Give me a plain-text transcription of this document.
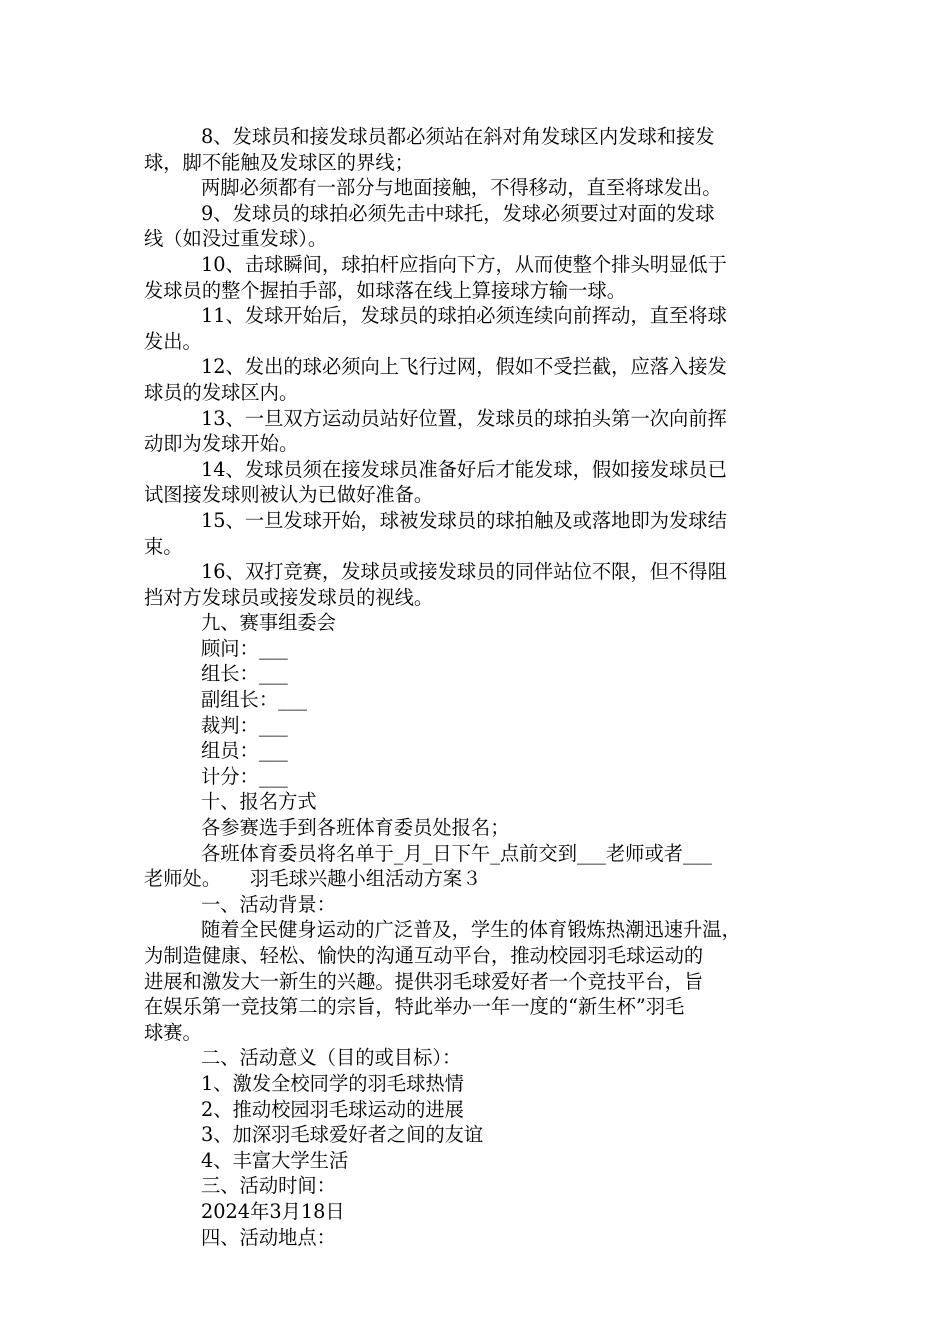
8、发球员和接发球员都必须站在斜对角发球区内发球和接发
球，脚不能触及发球区的界线；

两脚必须都有一部分与地面接触，不得移动，直至将球发出。

9、发球员的球拍必须先击中球托，发球必须要过对面的发球
线（如没过重发球）。

10、击球瞬间，球拍杆应指向下方，从而使整个排头明显低于
发球员的整个握拍手部，如球落在线上算接球方输一球。

11、发球开始后，发球员的球拍必须连续向前挥动，直至将球
发出。

12、发出的球必须向上飞行过网，假如不受拦截，应落入接发
球员的发球区内。

13、一旦双方运动员站好位置，发球员的球拍头第一次向前挥
动即为发球开始。

14、发球员须在接发球员准备好后才能发球，假如接发球员已
试图接发球则被认为已做好准备。

15、一旦发球开始，球被发球员的球拍触及或落地即为发球结
束。

16、双打竞赛，发球员或接发球员的同伴站位不限，但不得阻
挡对方发球员或接发球员的视线。

九、赛事组委会

顾问：___

组长：___

副组长：___

裁判：___

组员：___

计分：___

十、报名方式

各参赛选手到各班体育委员处报名；

各班体育委员将名单于_月_日下午_点前交到___老师或者___
老师处。　　羽毛球兴趣小组活动方案３

一、活动背景：

随着全民健身运动的广泛普及，学生的体育锻炼热潮迅速升温，
为制造健康、轻松、愉快的沟通互动平台，推动校园羽毛球运动的
进展和激发大一新生的兴趣。提供羽毛球爱好者一个竞技平台，旨
在娱乐第一竞技第二的宗旨，特此举办一年一度的“新生杯”羽毛
球赛。

二、活动意义（目的或目标）：

1、激发全校同学的羽毛球热情

2、推动校园羽毛球运动的进展

3、加深羽毛球爱好者之间的友谊

4、丰富大学生活

三、活动时间：

2024年3月18日

四、活动地点：
